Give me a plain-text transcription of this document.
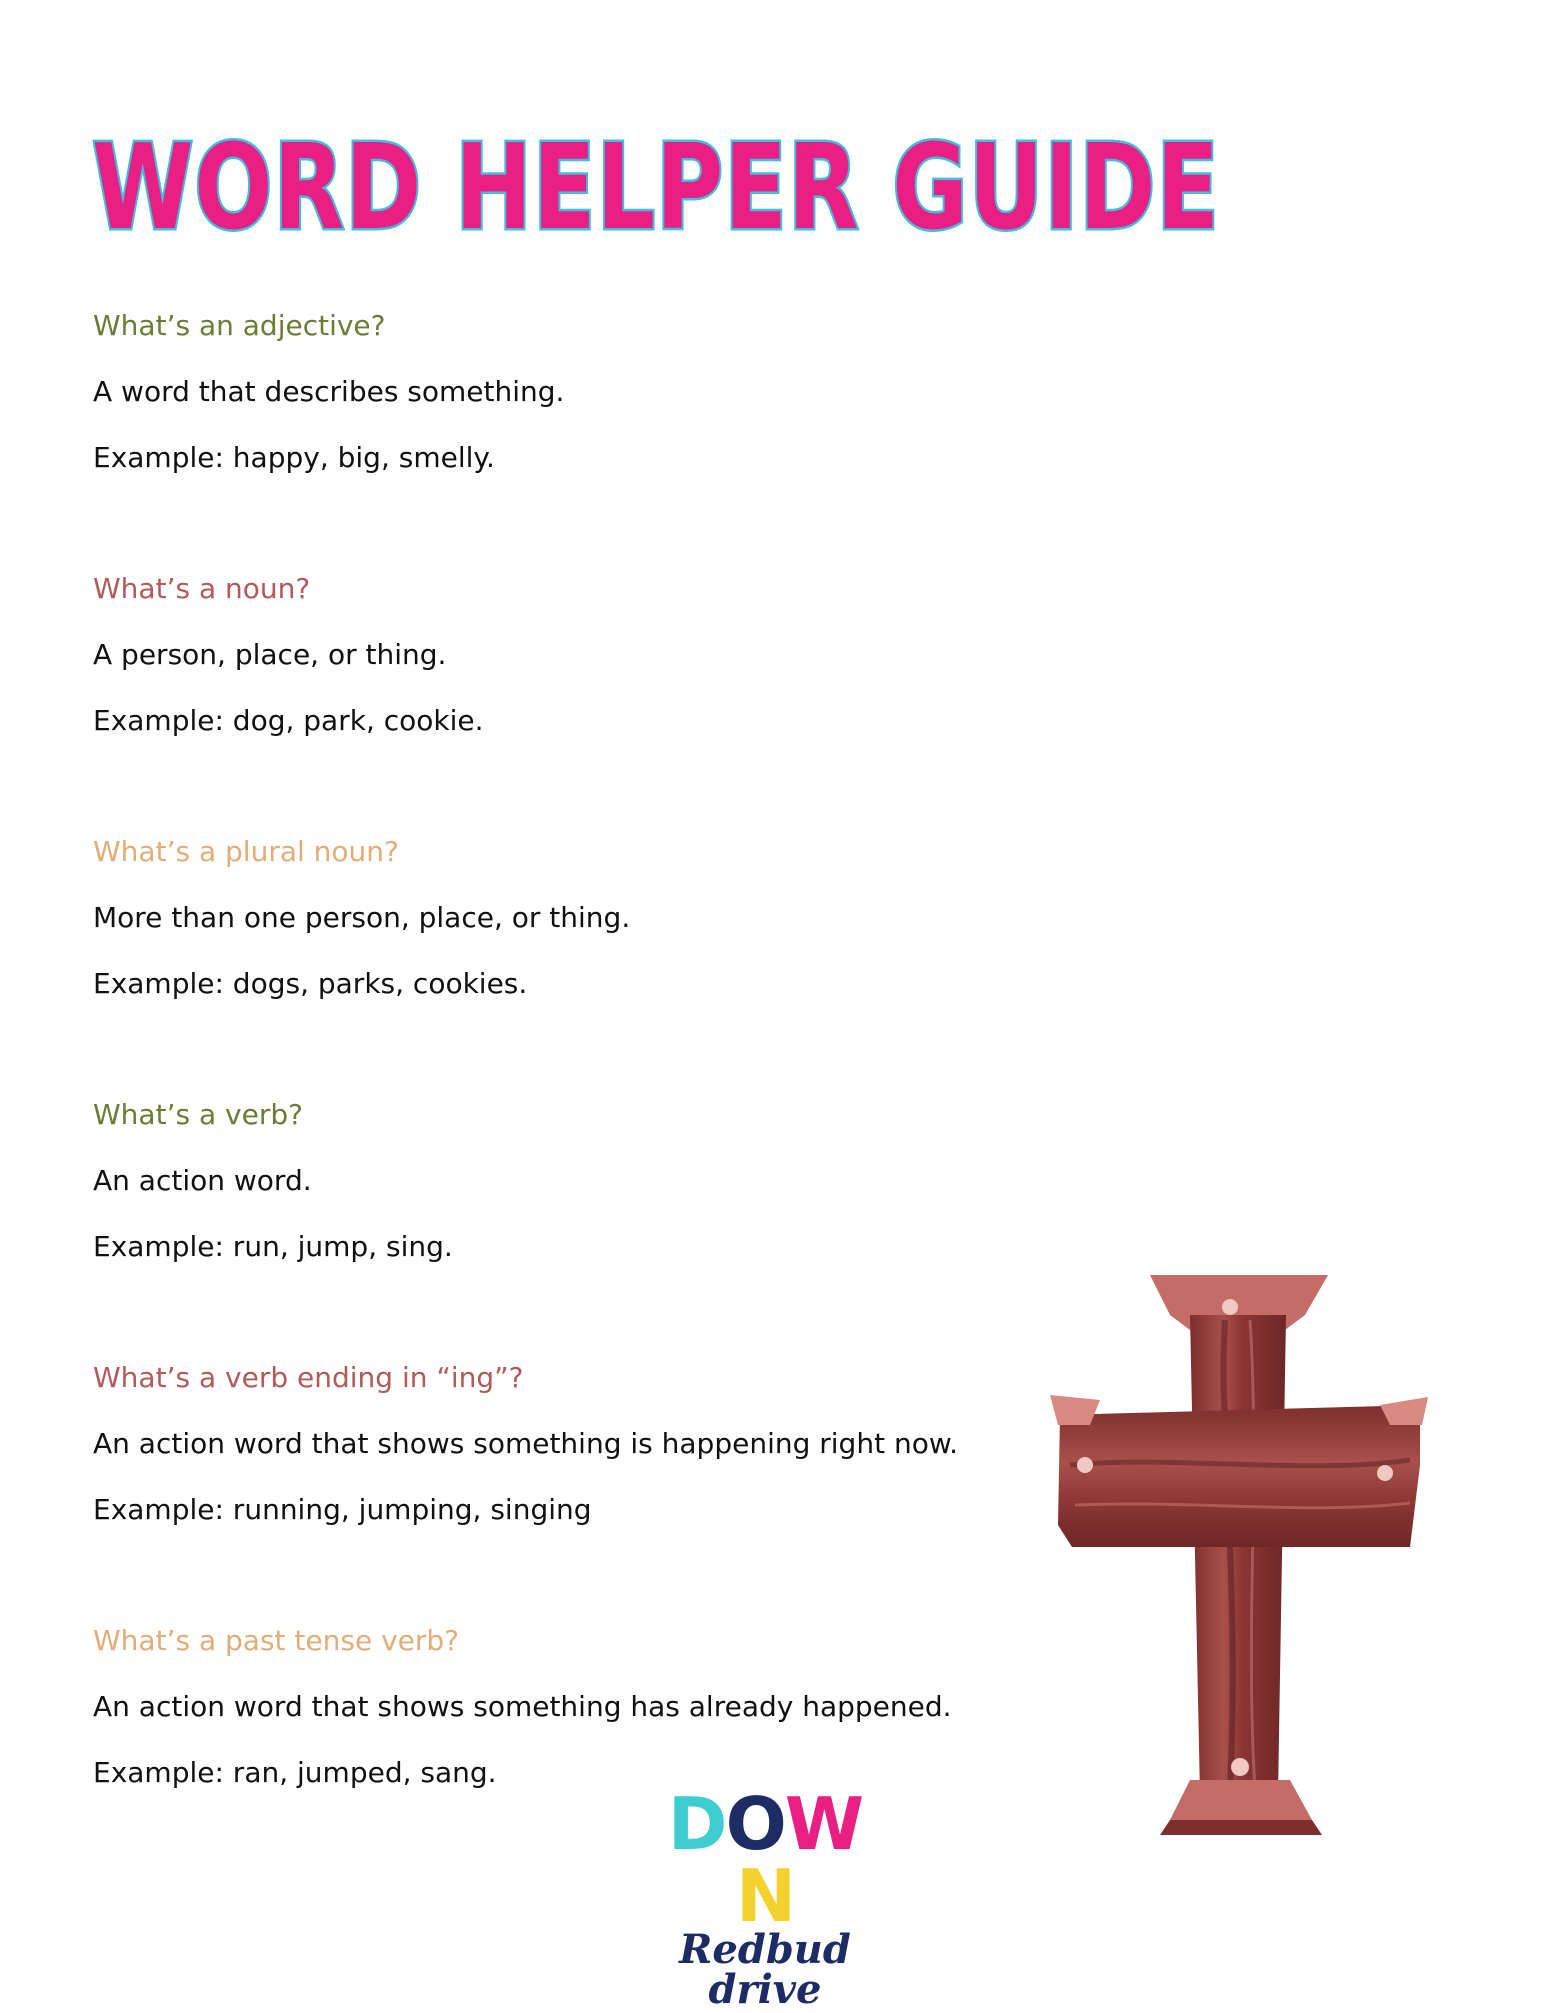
WORD HELPER GUIDE

What’s an adjective?

A word that describes something.

Example: happy, big, smelly.

What’s a noun?

A person, place, or thing.

Example: dog, park, cookie.

What’s a plural noun?

More than one person, place, or thing.

Example: dogs, parks, cookies.

What’s a verb?

An action word.

Example: run, jump, sing.

What’s a verb ending in “ing”?

An action word that shows something is happening right now.

Example: running, jumping, singing

What’s a past tense verb?

An action word that shows something has already happened.

Example: ran, jumped, sang.

DOWN
Redbud drive
